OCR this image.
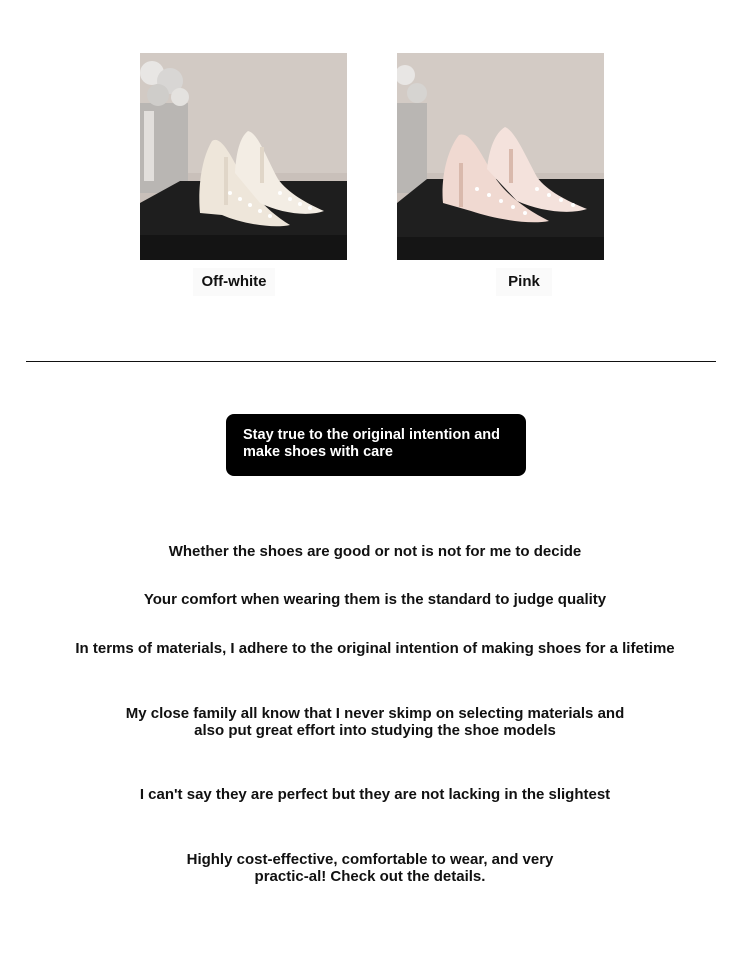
Off-white	Pink
Stay true to the original intention and make shoes with care
Whether the shoes are good or not is not for me to decide
Your comfort when wearing them is the standard to judge quality
In terms of materials, I adhere to the original intention of making shoes for a lifetime
My close family all know that I never skimp on selecting materials and also put great effort into studying the shoe models
I can't say they are perfect but they are not lacking in the slightest
Highly cost-effective, comfortable to wear, and very practic-al! Check out the details.
